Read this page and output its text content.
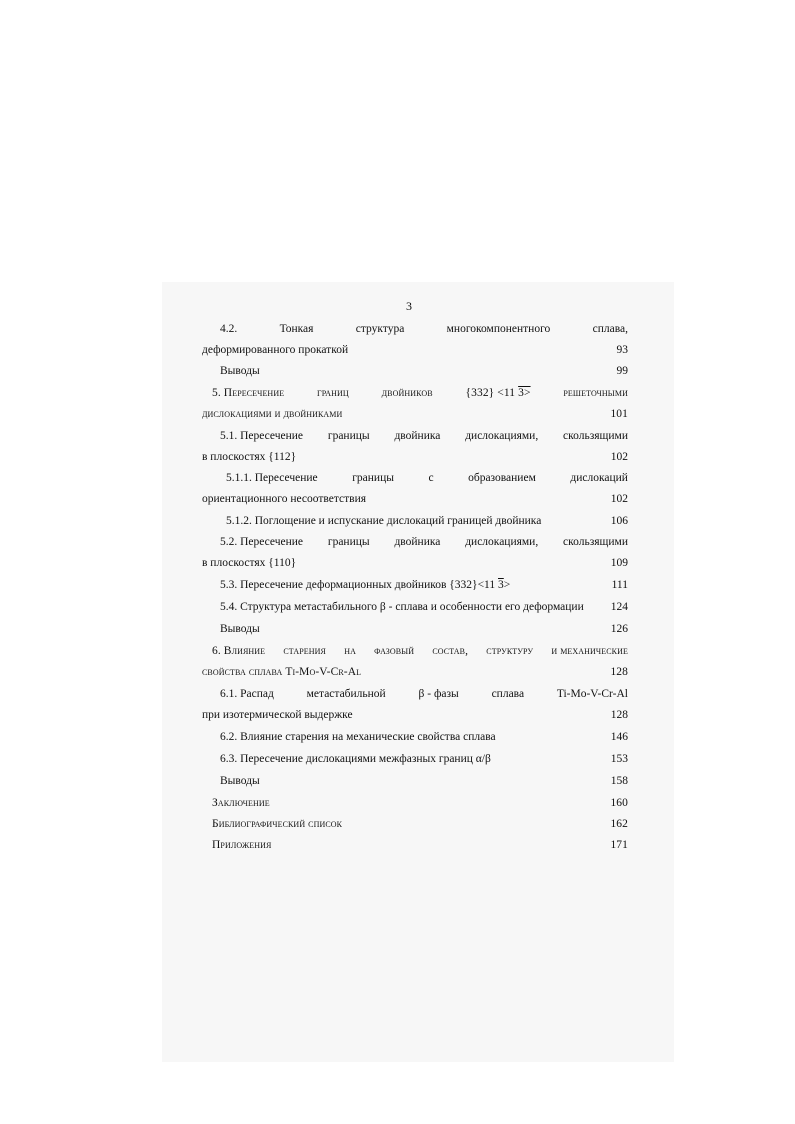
3
4.2.	Тонкая	структура	многокомпонентного	сплава,
деформированного прокаткой	93
Выводы	99
5. Пересечение	границ	двойников	{332} <11 3>	решеточными
дислокациями и двойниками	101
5.1. Пересечение границы двойника дислокациями, скользящими
в плоскостях {112}	102
5.1.1. Пересечение	границы	с	образованием	дислокаций
ориентационного несоответствия	102
5.1.2. Поглощение и испускание дислокаций границей двойника	106
5.2. Пересечение границы двойника дислокациями, скользящими
в плоскостях {110}	109
5.3. Пересечение деформационных двойников {332}<11 3>	111
5.4. Структура метастабильного β - сплава и особенности его деформации 124
Выводы	126
6. Влияние старения на фазовый состав, структуру и механические
свойства сплава Ti-Mo-V-Cr-Al	128
6.1. Распад	метастабильной	β - фазы	сплава	Ti-Mo-V-Cr-Al
при изотермической выдержке	128
6.2. Влияние старения на механические свойства сплава	146
6.3. Пересечение дислокациями межфазных границ α/β	153
Выводы	158
Заключение	160
Библиографический список	162
Приложения	171
